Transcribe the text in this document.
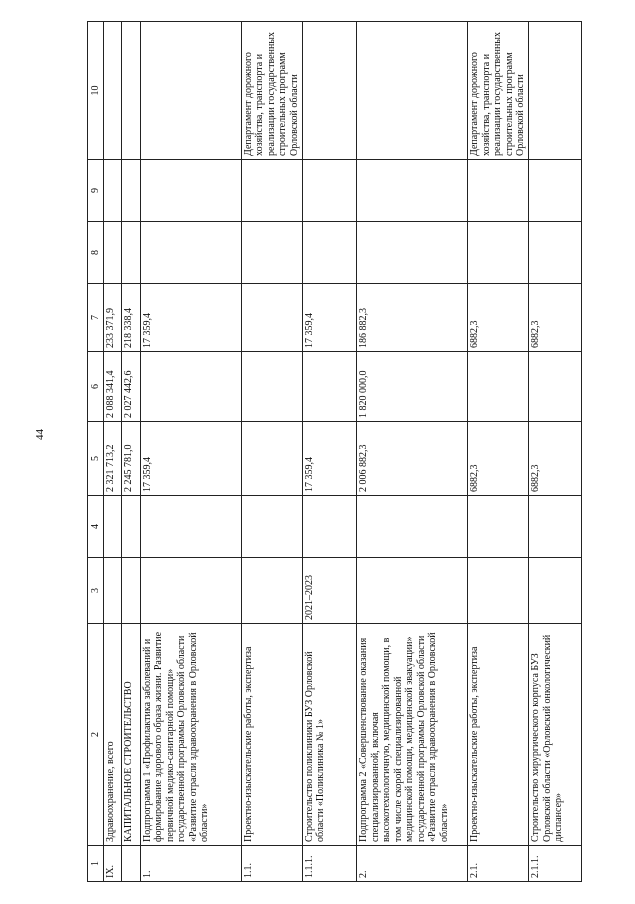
44
1	2	3	4	5	6	7	8	9	10
IX.	Здравоохранение, всего			2 321 713,2	2 088 341,4	233 371,9			
	КАПИТАЛЬНОЕ СТРОИТЕЛЬСТВО			2 245 781,0	2 027 442,6	218 338,4			
1.	Подпрограмма 1 «Профилактика заболеваний и формирование здорового образа жизни. Развитие первичной медико-санитарной помощи» государственной программы Орловской области «Развитие отрасли здравоохранения в Орловской области»			17 359,4		17 359,4			
1.1.	Проектно-изыскательские работы, экспертиза								Департамент дорожного хозяйства, транспорта и реализации государственных строительных программ Орловской области
1.1.1.	Строительство поликлиники БУЗ Орловской области «Поликлиника № 1»	2021–2023		17 359,4		17 359,4			
2.	Подпрограмма 2 «Совершенствование оказания специализированной, включая высокотехнологичную, медицинской помощи, в том числе скорой специализированной медицинской помощи, медицинской эвакуации» государственной программы Орловской области «Развитие отрасли здравоохранения в Орловской области»			2 006 882,3	1 820 000,0	186 882,3			
2.1.	Проектно-изыскательские работы, экспертиза			6882,3		6882,3			Департамент дорожного хозяйства, транспорта и реализации государственных строительных программ Орловской области
2.1.1.	Строительство хирургического корпуса БУЗ Орловской области «Орловский онкологический диспансер»			6882,3		6882,3			
